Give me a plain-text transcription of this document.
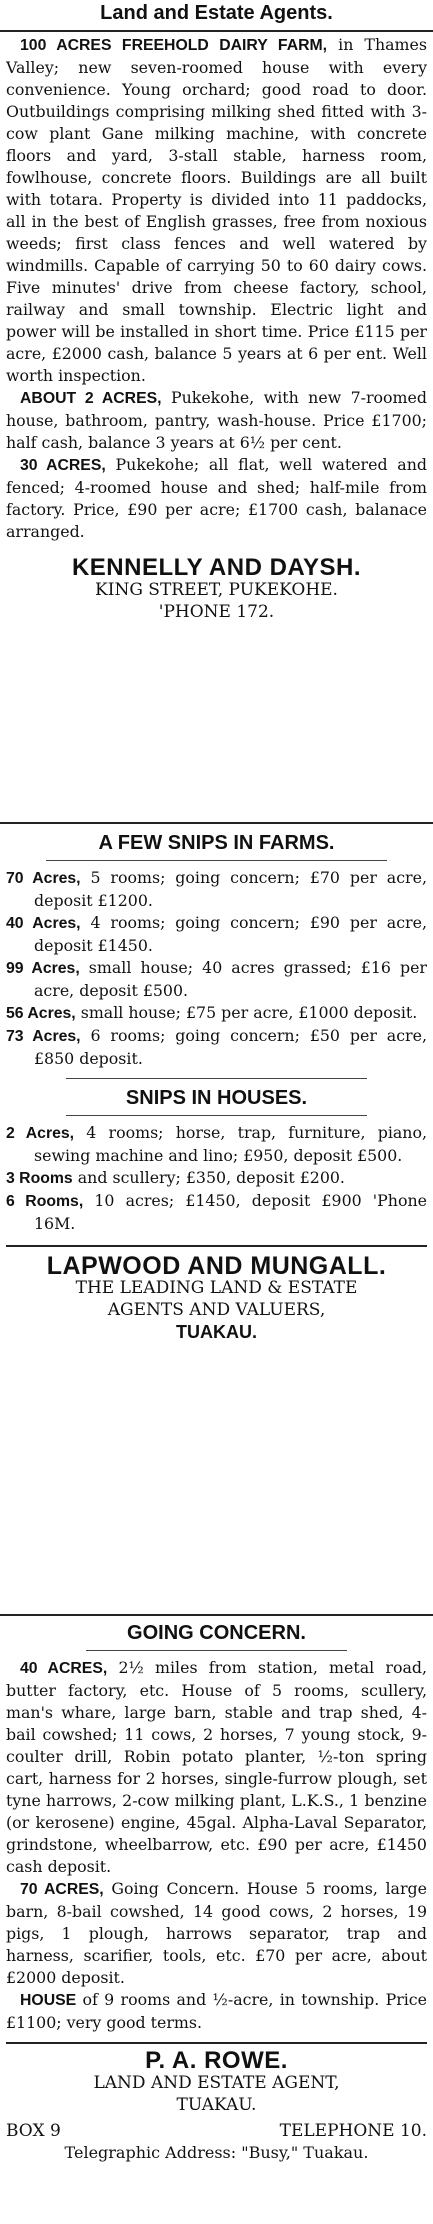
Land and Estate Agents.

100 ACRES FREEHOLD DAIRY FARM, in Thames Valley; new seven-roomed house with every convenience. Young orchard; good road to door. Outbuildings comprising milking shed fitted with 3-cow plant Gane milking machine, with concrete floors and yard, 3-stall stable, harness room, fowlhouse, concrete floors. Buildings are all built with totara. Property is divided into 11 paddocks, all in the best of English grasses, free from noxious weeds; first class fences and well watered by windmills. Capable of carrying 50 to 60 dairy cows. Five minutes' drive from cheese factory, school, railway and small township. Electric light and power will be installed in short time. Price £115 per acre, £2000 cash, balance 5 years at 6 per ent. Well worth inspection.

ABOUT 2 ACRES, Pukekohe, with new 7-roomed house, bathroom, pantry, wash-house. Price £1700; half cash, balance 3 years at 6½ per cent.

30 ACRES, Pukekohe; all flat, well watered and fenced; 4-roomed house and shed; half-mile from factory. Price, £90 per acre; £1700 cash, balanace arranged.

KENNELLY AND DAYSH.
KING STREET, PUKEKOHE.
'PHONE 172.
A FEW SNIPS IN FARMS.

70 Acres, 5 rooms; going concern; £70 per acre, deposit £1200.

40 Acres, 4 rooms; going concern; £90 per acre, deposit £1450.

99 Acres, small house; 40 acres grassed; £16 per acre, deposit £500.

56 Acres, small house; £75 per acre, £1000 deposit.

73 Acres, 6 rooms; going concern; £50 per acre, £850 deposit.

SNIPS IN HOUSES.

2 Acres, 4 rooms; horse, trap, furniture, piano, sewing machine and lino; £950, deposit £500.

3 Rooms and scullery; £350, deposit £200.

6 Rooms, 10 acres; £1450, deposit £900 'Phone 16M.

LAPWOOD AND MUNGALL.
THE LEADING LAND & ESTATE
AGENTS AND VALUERS,
TUAKAU.
GOING CONCERN.

40 ACRES, 2½ miles from station, metal road, butter factory, etc. House of 5 rooms, scullery, man's whare, large barn, stable and trap shed, 4-bail cowshed; 11 cows, 2 horses, 7 young stock, 9-coulter drill, Robin potato planter, ½-ton spring cart, harness for 2 horses, single-furrow plough, set tyne harrows, 2-cow milking plant, L.K.S., 1 benzine (or kerosene) engine, 45gal. Alpha-Laval Separator, grindstone, wheelbarrow, etc. £90 per acre, £1450 cash deposit.

70 ACRES, Going Concern. House 5 rooms, large barn, 8-bail cowshed, 14 good cows, 2 horses, 19 pigs, 1 plough, harrows separator, trap and harness, scarifier, tools, etc. £70 per acre, about £2000 deposit.

HOUSE of 9 rooms and ½-acre, in township. Price £1100; very good terms.

P. A. ROWE.
LAND AND ESTATE AGENT,
TUAKAU.
BOX 9	TELEPHONE 10.
Telegraphic Address: "Busy," Tuakau.
